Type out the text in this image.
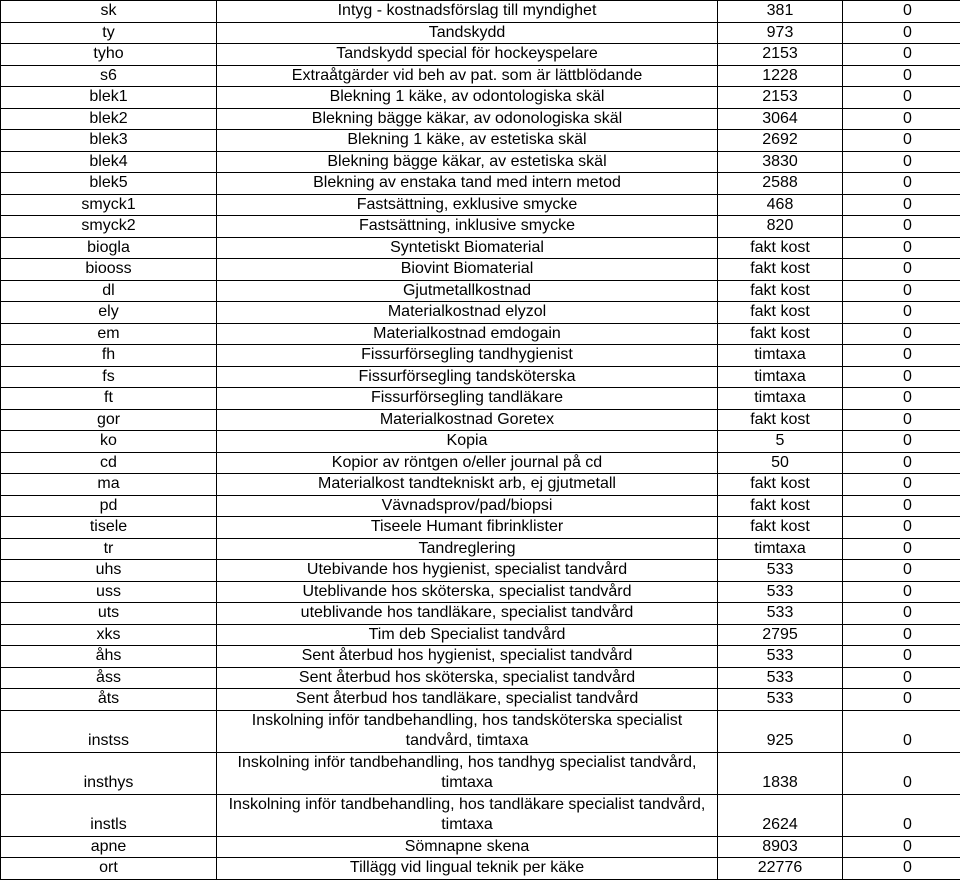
sk	Intyg - kostnadsförslag till myndighet	381	0
ty	Tandskydd	973	0
tyho	Tandskydd special för hockeyspelare	2153	0
s6	Extraåtgärder vid beh av pat. som är lättblödande	1228	0
blek1	Blekning 1 käke, av odontologiska skäl	2153	0
blek2	Blekning bägge käkar, av odonologiska skäl	3064	0
blek3	Blekning 1 käke, av estetiska skäl	2692	0
blek4	Blekning bägge käkar, av estetiska skäl	3830	0
blek5	Blekning av enstaka tand med intern metod	2588	0
smyck1	Fastsättning, exklusive smycke	468	0
smyck2	Fastsättning, inklusive smycke	820	0
biogla	Syntetiskt Biomaterial	fakt kost	0
biooss	Biovint Biomaterial	fakt kost	0
dl	Gjutmetallkostnad	fakt kost	0
ely	Materialkostnad elyzol	fakt kost	0
em	Materialkostnad emdogain	fakt kost	0
fh	Fissurförsegling tandhygienist	timtaxa	0
fs	Fissurförsegling tandsköterska	timtaxa	0
ft	Fissurförsegling tandläkare	timtaxa	0
gor	Materialkostnad Goretex	fakt kost	0
ko	Kopia	5	0
cd	Kopior av röntgen o/eller journal på cd	50	0
ma	Materialkost tandtekniskt arb, ej gjutmetall	fakt kost	0
pd	Vävnadsprov/pad/biopsi	fakt kost	0
tisele	Tiseele Humant fibrinklister	fakt kost	0
tr	Tandreglering	timtaxa	0
uhs	Utebivande hos hygienist, specialist tandvård	533	0
uss	Uteblivande hos sköterska, specialist tandvård	533	0
uts	uteblivande hos tandläkare, specialist tandvård	533	0
xks	Tim deb Specialist tandvård	2795	0
åhs	Sent återbud hos hygienist, specialist tandvård	533	0
åss	Sent återbud hos sköterska, specialist tandvård	533	0
åts	Sent återbud hos tandläkare, specialist tandvård	533	0
instss	Inskolning inför tandbehandling, hos tandsköterska specialist tandvård, timtaxa	925	0
insthys	Inskolning inför tandbehandling, hos tandhyg specialist tandvård, timtaxa	1838	0
instls	Inskolning inför tandbehandling, hos tandläkare specialist tandvård, timtaxa	2624	0
apne	Sömnapne skena	8903	0
ort	Tillägg vid lingual teknik per käke	22776	0
